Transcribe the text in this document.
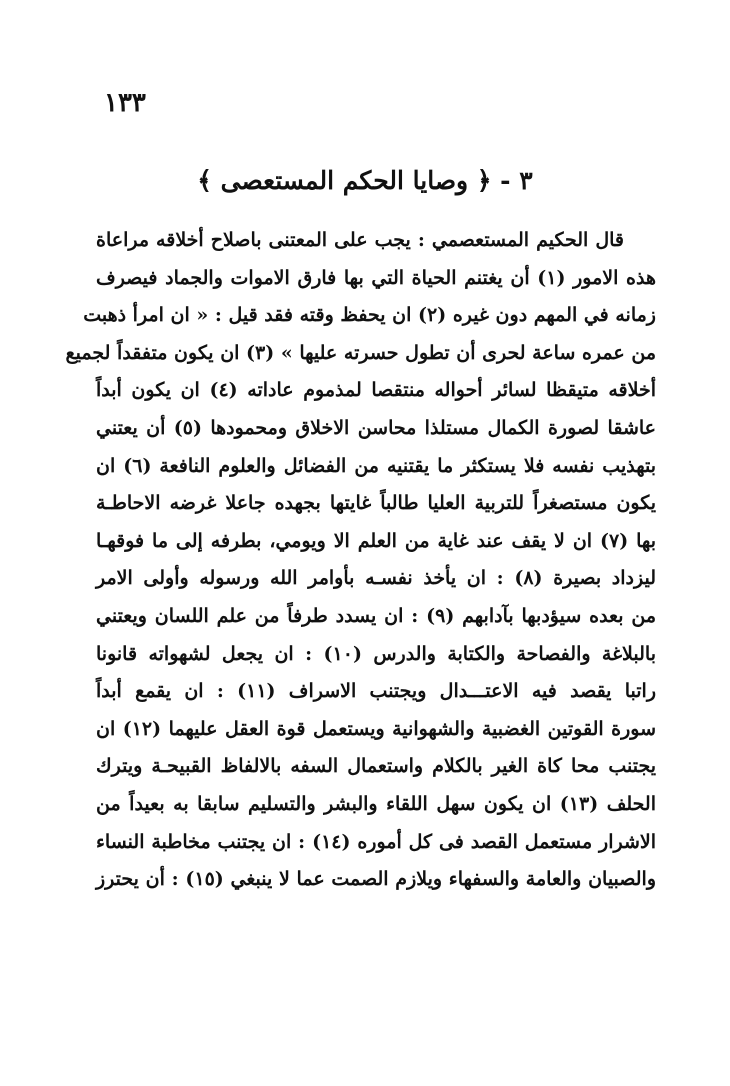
١٣٣
٣ - ﴿ وصايا الحكم المستعصى ﴾
قال الحكيم المستعصمي : يجب على المعتنى باصلاح أخلاقه مراعاة
هذه الامور (١) أن يغتنم الحياة التي بها فارق الاموات والجماد فيصرف
زمانه في المهم دون غيره (٢) ان يحفظ وقته فقد قيل : « ان امرأ ذهبت
من عمره ساعة لحرى أن تطول حسرته عليها » (٣) ان يكون متفقداً لجميع
أخلاقه متيقظا لسائر أحواله منتقصا لمذموم عاداته (٤) ان يكون أبداً
عاشقا لصورة الكمال مستلذا محاسن الاخلاق ومحمودها (٥) أن يعتني
بتهذيب نفسه فلا يستكثر ما يقتنيه من الفضائل والعلوم النافعة (٦) ان
يكون مستصغراً للتربية العليا طالباً غايتها بجهده جاعلا غرضه الاحاطـة
بها (٧) ان لا يقف عند غاية من العلم الا ويومي، بطرفه إلى ما فوقهـا
ليزداد بصيرة (٨) : ان يأخذ نفسـه بأوامر الله ورسوله وأولى الامر
من بعده سيؤدبها بآدابهم (٩) : ان يسدد طرفاً من علم اللسان ويعتني
بالبلاغة والفصاحة والكتابة والدرس (١٠) : ان يجعل لشهواته قانونا
راتبا يقصد فيه الاعتـــدال ويجتنب الاسراف (١١) : ان يقمع أبداً
سورة القوتين الغضبية والشهوانية ويستعمل قوة العقل عليهما (١٢) ان
يجتنب محا كاة الغير بالكلام واستعمال السفه بالالفاظ القبيحـة ويترك
الحلف (١٣) ان يكون سهل اللقاء والبشر والتسليم سابقا به بعيداً من
الاشرار مستعمل القصد فى كل أموره (١٤) : ان يجتنب مخاطبة النساء
والصبيان والعامة والسفهاء ويلازم الصمت عما لا ينبغي (١٥) : أن يحترز
